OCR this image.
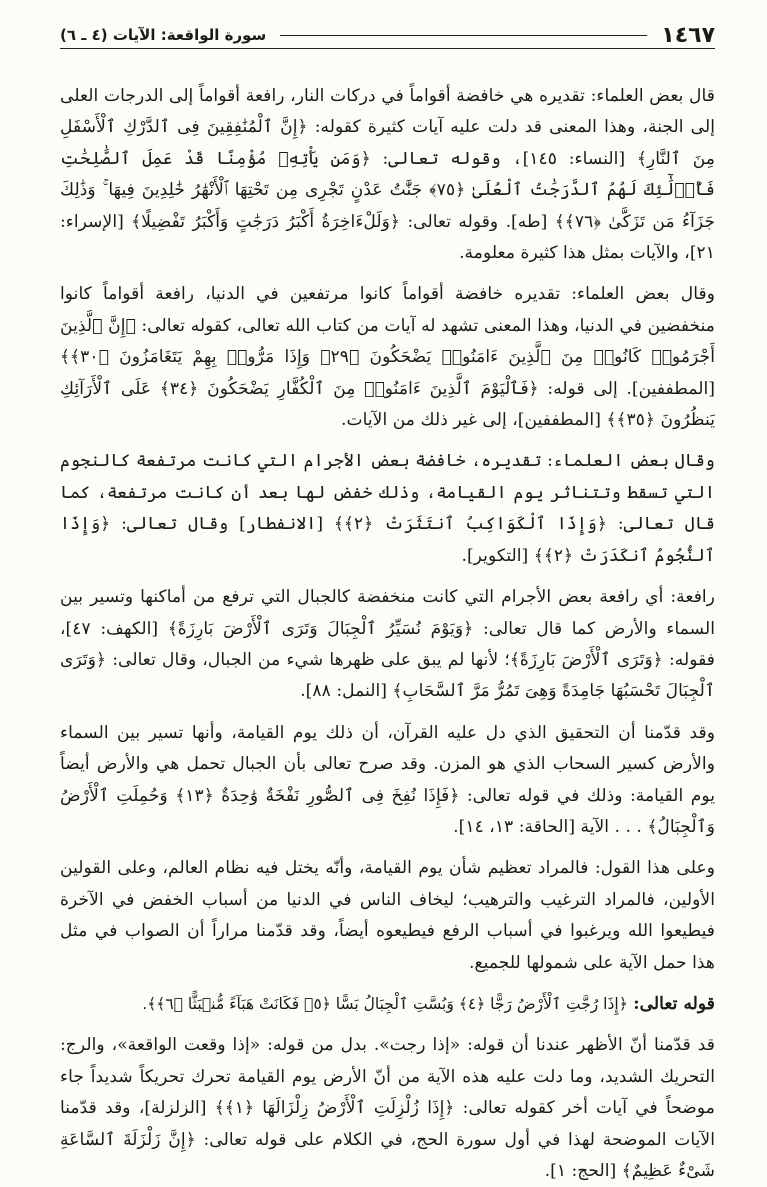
١٤٦٧
سورة الواقعة: الآيات (٤ ـ ٦)

قال بعض العلماء: تقديره هي خافضة أقواماً في دركات النار، رافعة أقواماً إلى الدرجات العلى إلى الجنة، وهذا المعنى قد دلت عليه آيات كثيرة كقوله: ﴿إِنَّ ٱلْمُنَٰفِقِينَ فِى ٱلدَّرْكِ ٱلْأَسْفَلِ مِنَ ٱلنَّارِ﴾ [النساء: ١٤٥]، وقوله تعالى: ﴿وَمَن يَأْتِهِۦ مُؤْمِنًا قَدْ عَمِلَ ٱلصَّٰلِحَٰتِ فَأُو۟لَٰٓئِكَ لَهُمُ ٱلدَّرَجَٰتُ ٱلْعُلَىٰ ﴿٧٥﴾ جَنَّٰتُ عَدْنٍ تَجْرِى مِن تَحْتِهَا ٱلْأَنْهَٰرُ خَٰلِدِينَ فِيهَا ۚ وَذَٰلِكَ جَزَآءُ مَن تَزَكَّىٰ ﴿٧٦﴾﴾ [طه]. وقوله تعالى: ﴿وَلَلْءَاخِرَةُ أَكْبَرُ دَرَجَٰتٍ وَأَكْبَرُ تَفْضِيلًا﴾ [الإسراء: ٢١]، والآيات بمثل هذا كثيرة معلومة.

وقال بعض العلماء: تقديره خافضة أقواماً كانوا مرتفعين في الدنيا، رافعة أقواماً كانوا منخفضين في الدنيا، وهذا المعنى تشهد له آيات من كتاب الله تعالى، كقوله تعالى: ﴿إِنَّ ٱلَّذِينَ أَجْرَمُوا۟ كَانُوا۟ مِنَ ٱلَّذِينَ ءَامَنُوا۟ يَضْحَكُونَ ﴿٢٩﴾ وَإِذَا مَرُّوا۟ بِهِمْ يَتَغَامَزُونَ ﴿٣٠﴾﴾ [المطففين]. إلى قوله: ﴿فَٱلْيَوْمَ ٱلَّذِينَ ءَامَنُوا۟ مِنَ ٱلْكُفَّارِ يَضْحَكُونَ ﴿٣٤﴾ عَلَى ٱلْأَرَآئِكِ يَنظُرُونَ ﴿٣٥﴾﴾ [المطففين]، إلى غير ذلك من الآيات.

وقال بعض العلماء: تقديره، خافضة بعض الأجرام التي كانت مرتفعة كالنجوم التي تسقط وتتناثر يوم القيامة، وذلك خفض لها بعد أن كانت مرتفعة، كما قال تعالى: ﴿وَإِذَا ٱلْكَوَاكِبُ ٱنتَثَرَتْ ﴿٢﴾﴾ [الانفطار] وقال تعالى: ﴿وَإِذَا ٱلنُّجُومُ ٱنكَدَرَتْ ﴿٢﴾﴾ [التكوير].

رافعة: أي رافعة بعض الأجرام التي كانت منخفضة كالجبال التي ترفع من أماكنها وتسير بين السماء والأرض كما قال تعالى: ﴿وَيَوْمَ نُسَيِّرُ ٱلْجِبَالَ وَتَرَى ٱلْأَرْضَ بَارِزَةً﴾ [الكهف: ٤٧]، فقوله: ﴿وَتَرَى ٱلْأَرْضَ بَارِزَةً﴾؛ لأنها لم يبق على ظهرها شيء من الجبال، وقال تعالى: ﴿وَتَرَى ٱلْجِبَالَ تَحْسَبُهَا جَامِدَةً وَهِىَ تَمُرُّ مَرَّ ٱلسَّحَابِ﴾ [النمل: ٨٨].

وقد قدّمنا أن التحقيق الذي دل عليه القرآن، أن ذلك يوم القيامة، وأنها تسير بين السماء والأرض كسير السحاب الذي هو المزن. وقد صرح تعالى بأن الجبال تحمل هي والأرض أيضاً يوم القيامة: وذلك في قوله تعالى: ﴿فَإِذَا نُفِخَ فِى ٱلصُّورِ نَفْخَةٌ وَٰحِدَةٌ ﴿١٣﴾ وَحُمِلَتِ ٱلْأَرْضُ وَٱلْجِبَالُ﴾ . . . الآية [الحاقة: ١٣، ١٤].

وعلى هذا القول: فالمراد تعظيم شأن يوم القيامة، وأنّه يختل فيه نظام العالم، وعلى القولين الأولين، فالمراد الترغيب والترهيب؛ ليخاف الناس في الدنيا من أسباب الخفض في الآخرة فيطيعوا الله ويرغبوا في أسباب الرفع فيطيعوه أيضاً، وقد قدّمنا مراراً أن الصواب في مثل هذا حمل الآية على شمولها للجميع.

قوله تعالى: ﴿إِذَا رُجَّتِ ٱلْأَرْضُ رَجًّا ﴿٤﴾ وَبُسَّتِ ٱلْجِبَالُ بَسًّا ﴿٥﴾ فَكَانَتْ هَبَآءً مُّنۢبَثًّا ﴿٦﴾﴾.

قد قدّمنا أنّ الأظهر عندنا أن قوله: «إذا رجت». بدل من قوله: «إذا وقعت الواقعة»، والرج: التحريك الشديد، وما دلت عليه هذه الآية من أنّ الأرض يوم القيامة تحرك تحريكاً شديداً جاء موضحاً في آيات أخر كقوله تعالى: ﴿إِذَا زُلْزِلَتِ ٱلْأَرْضُ زِلْزَالَهَا ﴿١﴾﴾ [الزلزلة]، وقد قدّمنا الآيات الموضحة لهذا في أول سورة الحج، في الكلام على قوله تعالى: ﴿إِنَّ زَلْزَلَةَ ٱلسَّاعَةِ شَىْءٌ عَظِيمٌ﴾ [الحج: ١].
